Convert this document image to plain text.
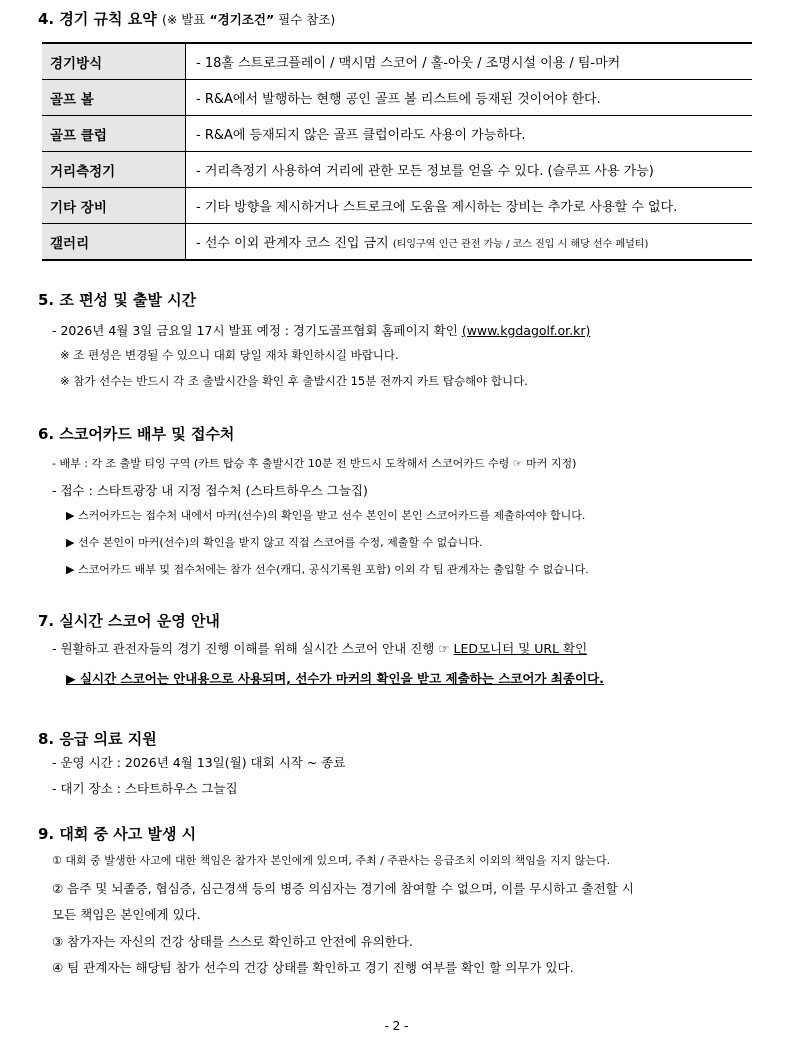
4. 경기 규칙 요약 (※ 발표 “경기조건” 필수 참조)
경기방식	- 18홀 스트로크플레이 / 맥시멈 스코어 / 홀-아웃 / 조명시설 이용 / 팀-마커
골프 볼	- R&A에서 발행하는 현행 공인 골프 볼 리스트에 등재된 것이어야 한다.
골프 클럽	- R&A에 등재되지 않은 골프 클럽이라도 사용이 가능하다.
거리측정기	- 거리측정기 사용하여 거리에 관한 모든 정보를 얻을 수 있다. (슬루프 사용 가능)
기타 장비	- 기타 방향을 제시하거나 스트로크에 도움을 제시하는 장비는 추가로 사용할 수 없다.
갤러리	- 선수 이외 관계자 코스 진입 금지 (티잉구역 인근 관전 가능 / 코스 진입 시 해당 선수 페널티)
5. 조 편성 및 출발 시간
- 2026년 4월 3일 금요일 17시 발표 예정 : 경기도골프협회 홈페이지 확인 (www.kgdagolf.or.kr)
※ 조 편성은 변경될 수 있으니 대회 당일 재차 확인하시길 바랍니다.
※ 참가 선수는 반드시 각 조 출발시간을 확인 후 출발시간 15분 전까지 카트 탑승해야 합니다.
6. 스코어카드 배부 및 접수처
- 배부 : 각 조 출발 티잉 구역 (카트 탑승 후 출발시간 10분 전 반드시 도착해서 스코어카드 수령 ☞ 마커 지정)
- 접수 : 스타트광장 내 지정 접수처 (스타트하우스 그늘집)
▶ 스커어카드는 접수처 내에서 마커(선수)의 확인을 받고 선수 본인이 본인 스코어카드를 제출하여야 합니다.
▶ 선수 본인이 마커(선수)의 확인을 받지 않고 직접 스코어를 수정, 제출할 수 없습니다.
▶ 스코어카드 배부 및 접수처에는 참가 선수(캐디, 공식기록원 포함) 이외 각 팀 관계자는 출입할 수 없습니다.
7. 실시간 스코어 운영 안내
- 원활하고 관전자들의 경기 진행 이해를 위해 실시간 스코어 안내 진행 ☞ LED모니터 및 URL 확인
▶ 실시간 스코어는 안내용으로 사용되며, 선수가 마커의 확인을 받고 제출하는 스코어가 최종이다.
8. 응급 의료 지원
- 운영 시간 : 2026년 4월 13일(월) 대회 시작 ~ 종료
- 대기 장소 : 스타트하우스 그늘집
9. 대회 중 사고 발생 시
① 대회 중 발생한 사고에 대한 책임은 참가자 본인에게 있으며, 주최 / 주관사는 응급조치 이외의 책임을 지지 않는다.
② 음주 및 뇌졸증, 협심증, 심근경색 등의 병증 의심자는 경기에 참여할 수 없으며, 이를 무시하고 출전할 시
모든 책임은 본인에게 있다.
③ 참가자는 자신의 건강 상태를 스스로 확인하고 안전에 유의한다.
④ 팀 관계자는 해당팀 참가 선수의 건강 상태를 확인하고 경기 진행 여부를 확인 할 의무가 있다.
- 2 -
